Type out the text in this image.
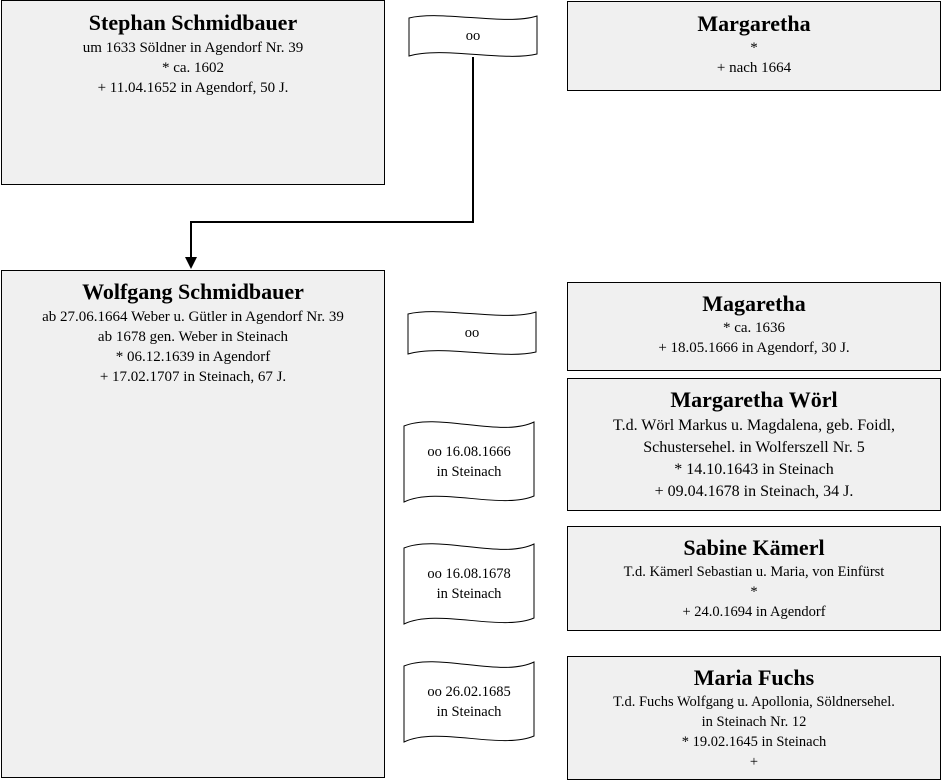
Stephan Schmidbauer
um 1633 Söldner in Agendorf Nr. 39
* ca. 1602
+ 11.04.1652 in Agendorf, 50 J.
oo	Margaretha
*
+ nach 1664
Wolfgang Schmidbauer
ab 27.06.1664 Weber u. Gütler in Agendorf Nr. 39
ab 1678 gen. Weber in Steinach
* 06.12.1639 in Agendorf
+ 17.02.1707 in Steinach, 67 J.
oo
Magaretha
* ca. 1636
+ 18.05.1666 in Agendorf, 30 J.
oo 16.08.1666
in Steinach
Margaretha Wörl
T.d. Wörl Markus u. Magdalena, geb. Foidl,
Schustersehel. in Wolferszell Nr. 5
* 14.10.1643 in Steinach
+ 09.04.1678 in Steinach, 34 J.
oo 16.08.1678
in Steinach
Sabine Kämerl
T.d. Kämerl Sebastian u. Maria, von Einfürst
*
+ 24.0.1694 in Agendorf
oo 26.02.1685
in Steinach
Maria Fuchs
T.d. Fuchs Wolfgang u. Apollonia, Söldnersehel.
in Steinach Nr. 12
* 19.02.1645 in Steinach
+
